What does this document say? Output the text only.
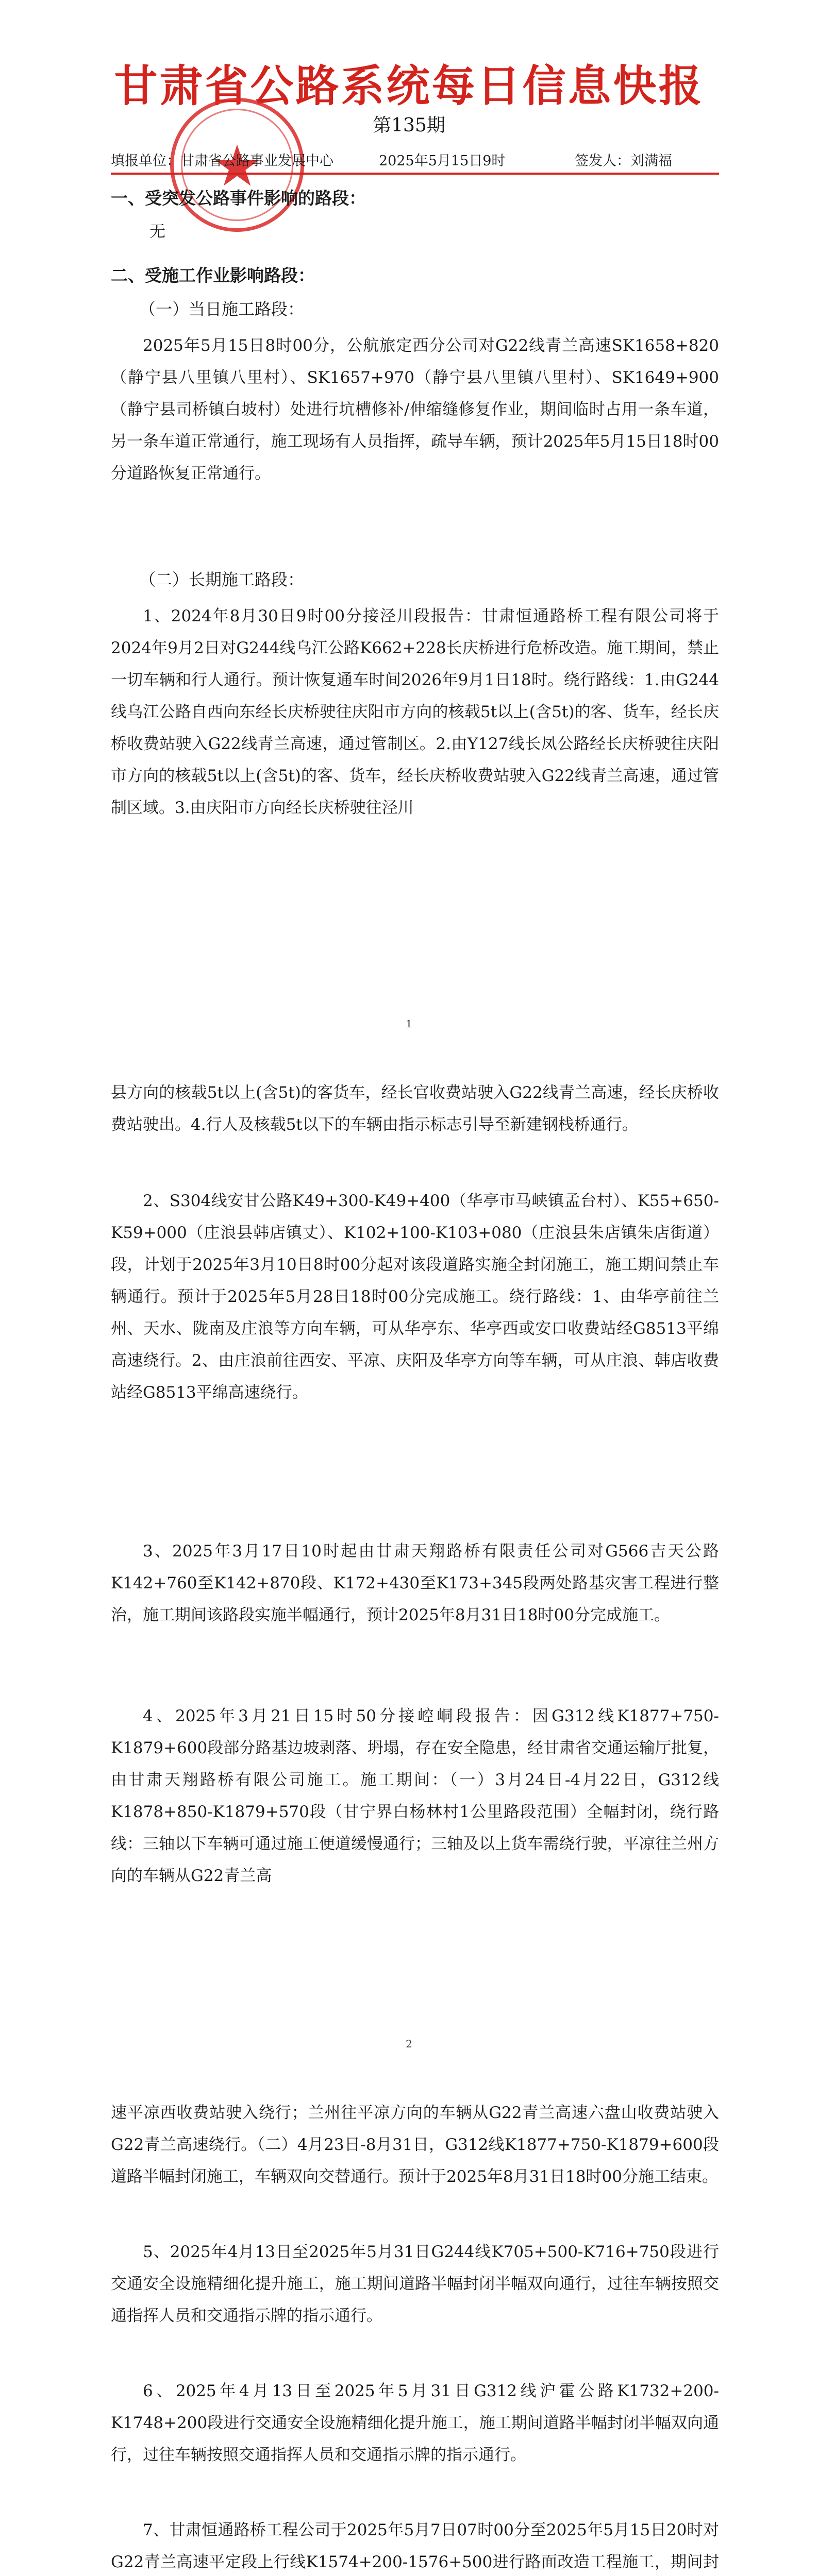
甘肃省公路系统每日信息快报
第135期
★
填报单位：甘肃省公路事业发展中心	2025年5月15日9时	签发人：刘满福
一、受突发公路事件影响的路段：
无
二、受施工作业影响路段：
（一）当日施工路段：
2025年5月15日8时00分，公航旅定西分公司对G22线青兰高速SK1658+820（静宁县八里镇八里村）、SK1657+970（静宁县八里镇八里村）、SK1649+900（静宁县司桥镇白坡村）处进行坑槽修补/伸缩缝修复作业，期间临时占用一条车道，另一条车道正常通行，施工现场有人员指挥，疏导车辆，预计2025年5月15日18时00分道路恢复正常通行。
（二）长期施工路段：
1、2024年8月30日9时00分接泾川段报告：甘肃恒通路桥工程有限公司将于2024年9月2日对G244线乌江公路K662+228长庆桥进行危桥改造。施工期间，禁止一切车辆和行人通行。预计恢复通车时间2026年9月1日18时。绕行路线：1.由G244线乌江公路自西向东经长庆桥驶往庆阳市方向的核载5t以上(含5t)的客、货车，经长庆桥收费站驶入G22线青兰高速，通过管制区。2.由Y127线长凤公路经长庆桥驶往庆阳市方向的核载5t以上(含5t)的客、货车，经长庆桥收费站驶入G22线青兰高速，通过管制区域。3.由庆阳市方向经长庆桥驶往泾川
1
县方向的核载5t以上(含5t)的客货车，经长官收费站驶入G22线青兰高速，经长庆桥收费站驶出。4.行人及核载5t以下的车辆由指示标志引导至新建钢栈桥通行。
2、S304线安甘公路K49+300-K49+400（华亭市马峡镇孟台村）、K55+650-K59+000（庄浪县韩店镇丈）、K102+100-K103+080（庄浪县朱店镇朱店街道）段，计划于2025年3月10日8时00分起对该段道路实施全封闭施工，施工期间禁止车辆通行。预计于2025年5月28日18时00分完成施工。绕行路线：1、由华亭前往兰州、天水、陇南及庄浪等方向车辆，可从华亭东、华亭西或安口收费站经G8513平绵高速绕行。2、由庄浪前往西安、平凉、庆阳及华亭方向等车辆，可从庄浪、韩店收费站经G8513平绵高速绕行。
3、2025年3月17日10时起由甘肃天翔路桥有限责任公司对G566吉天公路K142+760至K142+870段、K172+430至K173+345段两处路基灾害工程进行整治，施工期间该路段实施半幅通行，预计2025年8月31日18时00分完成施工。
4、2025年3月21日15时50分接崆峒段报告：因G312线K1877+750-K1879+600段部分路基边坡剥落、坍塌，存在安全隐患，经甘肃省交通运输厅批复，由甘肃天翔路桥有限公司施工。施工期间：（一）3月24日-4月22日，G312线K1878+850-K1879+570段（甘宁界白杨林村1公里路段范围）全幅封闭，绕行路线：三轴以下车辆可通过施工便道缓慢通行；三轴及以上货车需绕行驶，平凉往兰州方向的车辆从G22青兰高
2
速平凉西收费站驶入绕行；兰州往平凉方向的车辆从G22青兰高速六盘山收费站驶入G22青兰高速绕行。（二）4月23日-8月31日，G312线K1877+750-K1879+600段道路半幅封闭施工，车辆双向交替通行。预计于2025年8月31日18时00分施工结束。
5、2025年4月13日至2025年5月31日G244线K705+500-K716+750段进行交通安全设施精细化提升施工，施工期间道路半幅封闭半幅双向通行，过往车辆按照交通指挥人员和交通指示牌的指示通行。
6、2025年4月13日至2025年5月31日G312线沪霍公路K1732+200-K1748+200段进行交通安全设施精细化提升施工，施工期间道路半幅封闭半幅双向通行，过往车辆按照交通指挥人员和交通指示牌的指示通行。
7、甘肃恒通路桥工程公司于2025年5月7日07时00分至2025年5月15日20时对G22青兰高速平定段上行线K1574+200-1576+500进行路面改造工程施工，期间封
